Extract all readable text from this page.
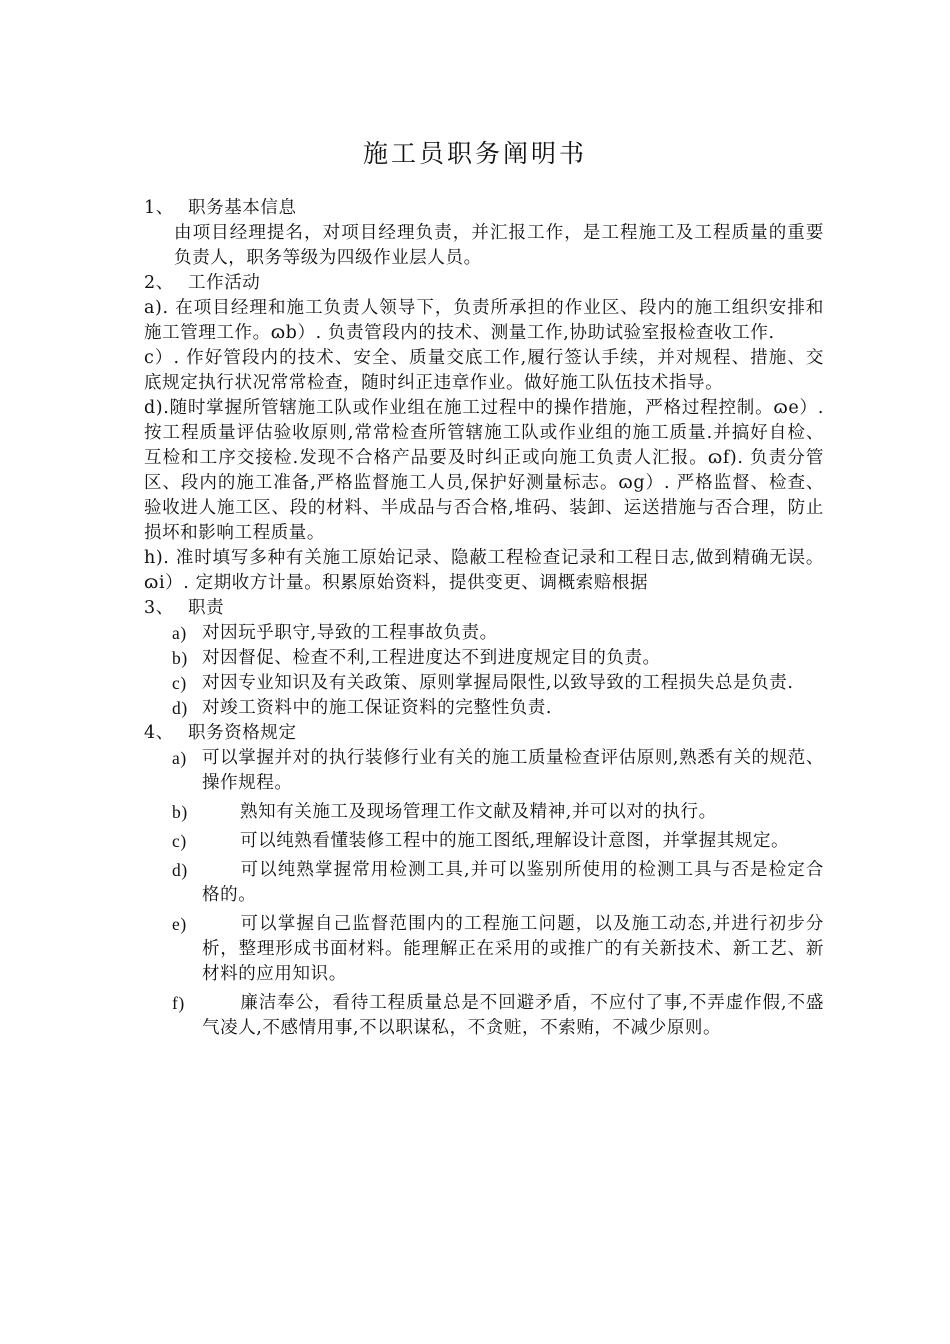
施工员职务阐明书

1、 职务基本信息

由项目经理提名，对项目经理负责，并汇报工作，是工程施工及工程质量的重要负责人，职务等级为四级作业层人员。

2、 工作活动

a). 在项目经理和施工负责人领导下，负责所承担的作业区、段内的施工组织安排和施工管理工作。ɷb）. 负责管段内的技术、测量工作,协助试验室报检查收工作.

c）. 作好管段内的技术、安全、质量交底工作,履行签认手续，并对规程、措施、交底规定执行状况常常检查，随时纠正违章作业。做好施工队伍技术指导。

d).随时掌握所管辖施工队或作业组在施工过程中的操作措施，严格过程控制。ɷe）. 按工程质量评估验收原则,常常检查所管辖施工队或作业组的施工质量.并搞好自检、互检和工序交接检.发现不合格产品要及时纠正或向施工负责人汇报。ɷf). 负责分管区、段内的施工准备,严格监督施工人员,保护好测量标志。ɷg）. 严格监督、检查、验收进人施工区、段的材料、半成品与否合格,堆码、装卸、运送措施与否合理，防止损坏和影响工程质量。

h). 准时填写多种有关施工原始记录、隐蔽工程检查记录和工程日志,做到精确无误。ɷi）. 定期收方计量。积累原始资料，提供变更、调概索赔根据

3、 职责

a) 对因玩乎职守,导致的工程事故负责。
b) 对因督促、检查不利,工程进度达不到进度规定目的负责。
c) 对因专业知识及有关政策、原则掌握局限性,以致导致的工程损失总是负责.
d) 对竣工资料中的施工保证资料的完整性负责.

4、 职务资格规定

a) 可以掌握并对的执行装修行业有关的施工质量检查评估原则,熟悉有关的规范、操作规程。
b)	熟知有关施工及现场管理工作文献及精神,并可以对的执行。
c)	可以纯熟看懂装修工程中的施工图纸,理解设计意图，并掌握其规定。
d)	可以纯熟掌握常用检测工具,并可以鉴别所使用的检测工具与否是检定合格的。
e)	可以掌握自己监督范围内的工程施工问题，以及施工动态,并进行初步分析，整理形成书面材料。能理解正在采用的或推广的有关新技术、新工艺、新材料的应用知识。
f)	廉洁奉公，看待工程质量总是不回避矛盾，不应付了事,不弄虚作假,不盛气凌人,不感情用事,不以职谋私，不贪赃，不索贿，不减少原则。
